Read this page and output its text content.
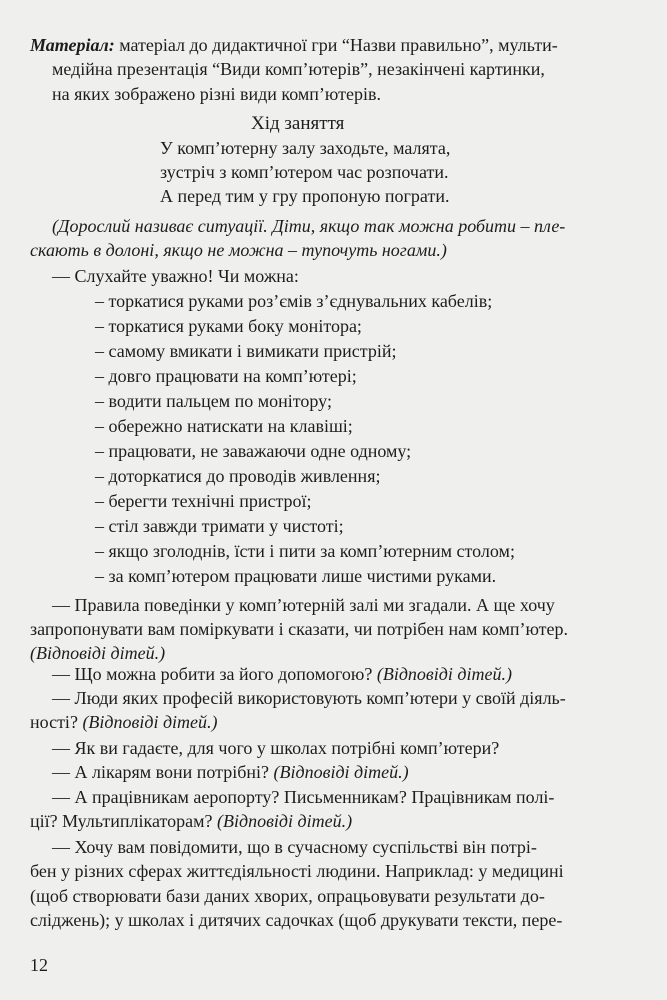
Матеріал: матеріал до дидактичної гри “Назви правильно”, мульти-

медійна презентація “Види комп’ютерів”, незакінчені картинки,

на яких зображено різні види комп’ютерів.

Хід заняття

У комп’ютерну залу заходьте, малята,

зустріч з комп’ютером час розпочати.

А перед тим у гру пропоную пограти.

(Дорослий називає ситуації. Діти, якщо так можна робити – пле-

скають в долоні, якщо не можна – тупочуть ногами.)

— Слухайте уважно! Чи можна:

– торкатися руками роз’ємів з’єднувальних кабелів;

– торкатися руками боку монітора;

– самому вмикати і вимикати пристрій;

– довго працювати на комп’ютері;

– водити пальцем по монітору;

– обережно натискати на клавіші;

– працювати, не заважаючи одне одному;

– доторкатися до проводів живлення;

– берегти технічні пристрої;

– стіл завжди тримати у чистоті;

– якщо зголоднів, їсти і пити за комп’ютерним столом;

– за комп’ютером працювати лише чистими руками.

— Правила поведінки у комп’ютерній залі ми згадали. А ще хочу

запропонувати вам поміркувати і сказати, чи потрібен нам комп’ютер.

(Відповіді дітей.)

— Що можна робити за його допомогою? (Відповіді дітей.)

— Люди яких професій використовують комп’ютери у своїй діяль-

ності? (Відповіді дітей.)

— Як ви гадаєте, для чого у школах потрібні комп’ютери?

— А лікарям вони потрібні? (Відповіді дітей.)

— А працівникам аеропорту? Письменникам? Працівникам полі-

ції? Мультиплікаторам? (Відповіді дітей.)

— Хочу вам повідомити, що в сучасному суспільстві він потрі-

бен у різних сферах життєдіяльності людини. Наприклад: у медицині

(щоб створювати бази даних хворих, опрацьовувати результати до-

сліджень); у школах і дитячих садочках (щоб друкувати тексти, пере-

12
